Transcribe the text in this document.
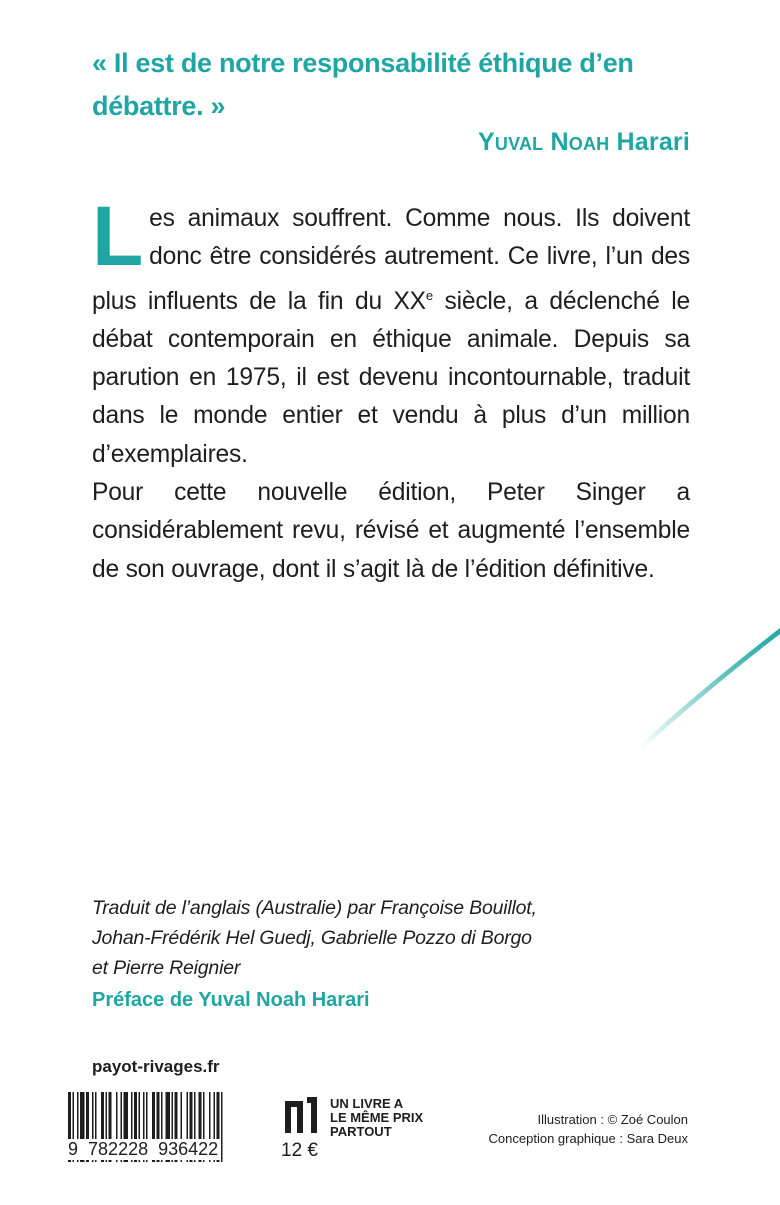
« Il est de notre responsabilité éthique d’en débattre. »
Yuval Noah Harari

Les animaux souffrent. Comme nous. Ils doivent donc être considérés autrement. Ce livre, l’un des plus influents de la fin du XXe siècle, a déclenché le débat contemporain en éthique animale. Depuis sa parution en 1975, il est devenu incontournable, traduit dans le monde entier et vendu à plus d’un million d’exemplaires.

Pour cette nouvelle édition, Peter Singer a considérablement revu, révisé et augmenté l’ensemble de son ouvrage, dont il s’agit là de l’édition définitive.

Traduit de l’anglais (Australie) par Françoise Bouillot,
Johan-Frédérik Hel Guedj, Gabrielle Pozzo di Borgo
et Pierre Reignier
Préface de Yuval Noah Harari
payot-rivages.fr
9 782228 936422	12 €
UN LIVRE A
LE MÊME PRIX
PARTOUT
Illustration : © Zoé Coulon
Conception graphique : Sara Deux
